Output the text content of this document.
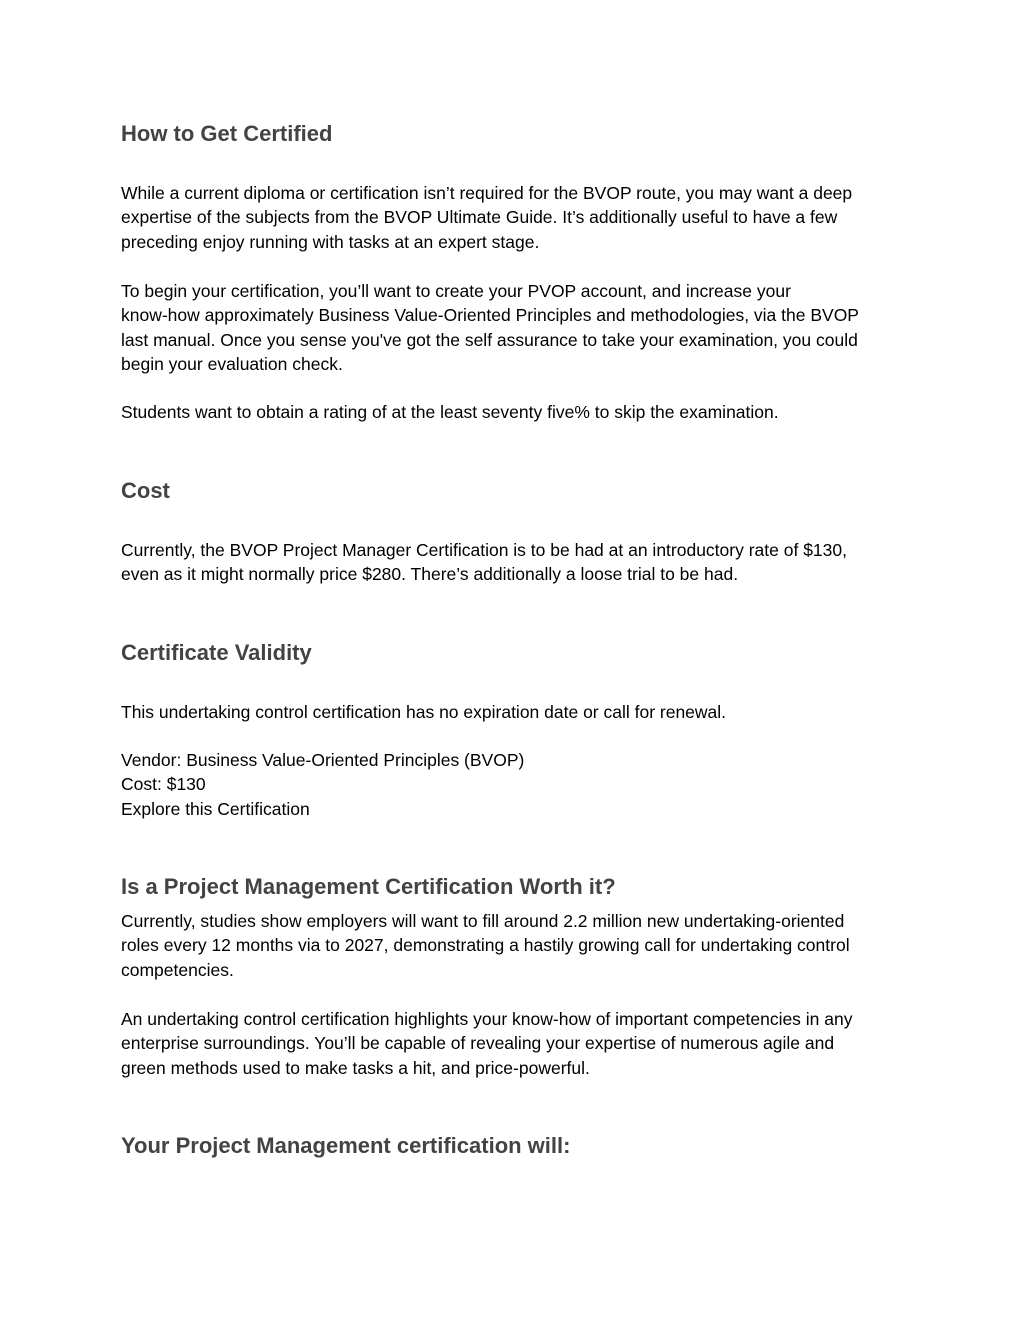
How to Get Certified

While a current diploma or certification isn’t required for the BVOP route, you may want a deep
expertise of the subjects from the BVOP Ultimate Guide. It’s additionally useful to have a few
preceding enjoy running with tasks at an expert stage.

To begin your certification, you’ll want to create your PVOP account, and increase your
know-how approximately Business Value-Oriented Principles and methodologies, via the BVOP
last manual. Once you sense you've got the self assurance to take your examination, you could
begin your evaluation check.

Students want to obtain a rating of at the least seventy five% to skip the examination.

Cost

Currently, the BVOP Project Manager Certification is to be had at an introductory rate of $130,
even as it might normally price $280. There’s additionally a loose trial to be had.

Certificate Validity

This undertaking control certification has no expiration date or call for renewal.

Vendor: Business Value-Oriented Principles (BVOP)
Cost: $130
Explore this Certification

Is a Project Management Certification Worth it?

Currently, studies show employers will want to fill around 2.2 million new undertaking-oriented
roles every 12 months via to 2027, demonstrating a hastily growing call for undertaking control
competencies.

An undertaking control certification highlights your know-how of important competencies in any
enterprise surroundings. You’ll be capable of revealing your expertise of numerous agile and
green methods used to make tasks a hit, and price-powerful.

Your Project Management certification will:
